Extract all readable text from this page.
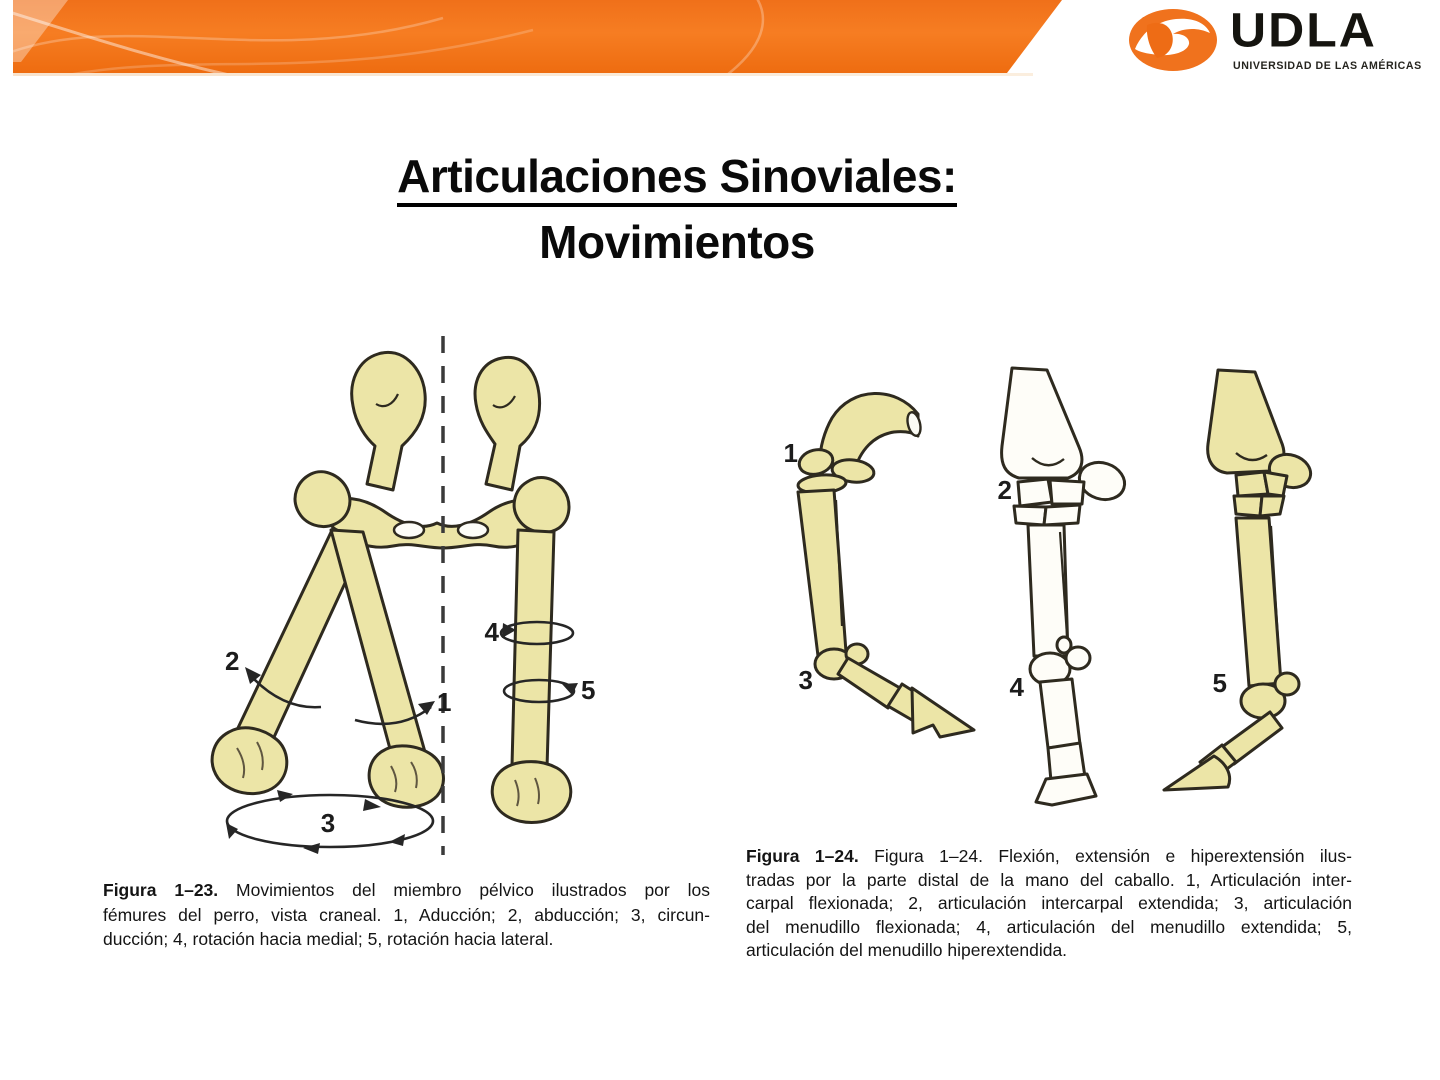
UDLA
UNIVERSIDAD DE LAS AMÉRICAS
Articulaciones Sinoviales:
Movimientos
1
2
3
4
5
1
2
3	4	5
Figura 1–23. Movimientos del miembro pélvico ilustrados por los
fémures del perro, vista craneal. 1, Aducción; 2, abducción; 3, circun-
ducción; 4, rotación hacia medial; 5, rotación hacia lateral.
Figura 1–24. Figura 1–24. Flexión, extensión e hiperextensión ilus-
tradas por la parte distal de la mano del caballo. 1, Articulación inter-
carpal flexionada; 2, articulación intercarpal extendida; 3, articulación
del menudillo flexionada; 4, articulación del menudillo extendida; 5,
articulación del menudillo hiperextendida.
